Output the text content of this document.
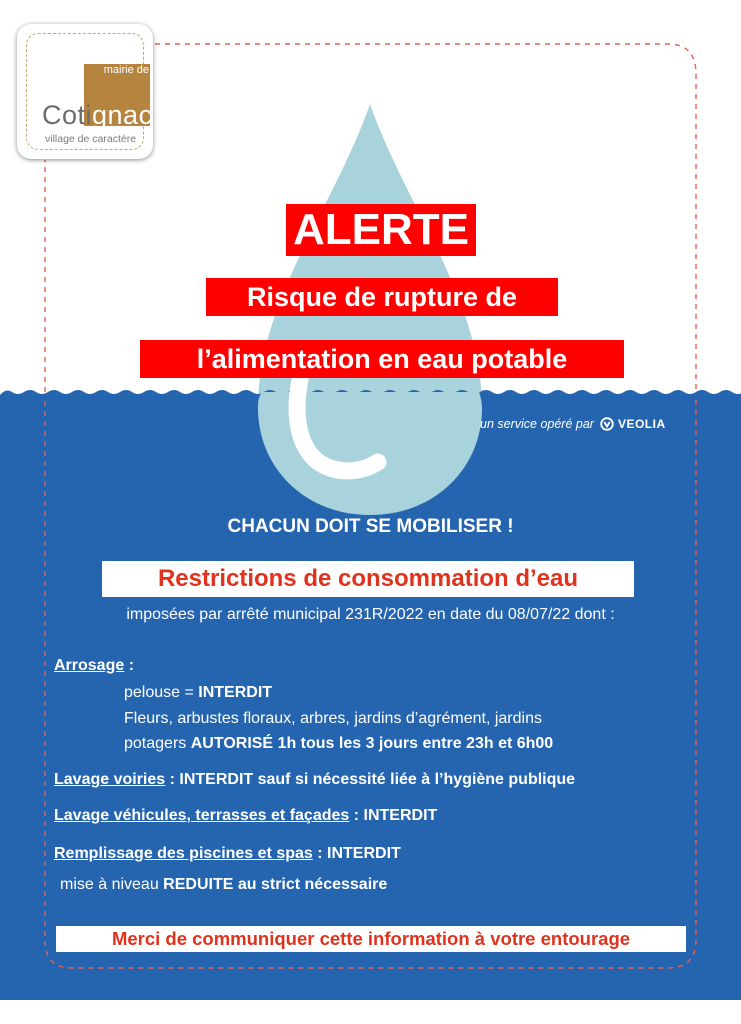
mairie de
Cotignac
village de caractère
ALERTE
Risque de rupture de
l’alimentation en eau potable
un service opéré par VEOLIA
CHACUN DOIT SE MOBILISER !
Restrictions de consommation d’eau
imposées par arrêté municipal 231R/2022 en date du 08/07/22 dont :
Arrosage :
pelouse = INTERDIT
Fleurs, arbustes floraux, arbres, jardins d’agrément, jardins
potagers AUTORISÉ 1h tous les 3 jours entre 23h et 6h00
Lavage voiries : INTERDIT sauf si nécessité liée à l’hygiène publique
Lavage véhicules, terrasses et façades : INTERDIT
Remplissage des piscines et spas : INTERDIT
mise à niveau REDUITE au strict nécessaire
Merci de communiquer cette information à votre entourage
